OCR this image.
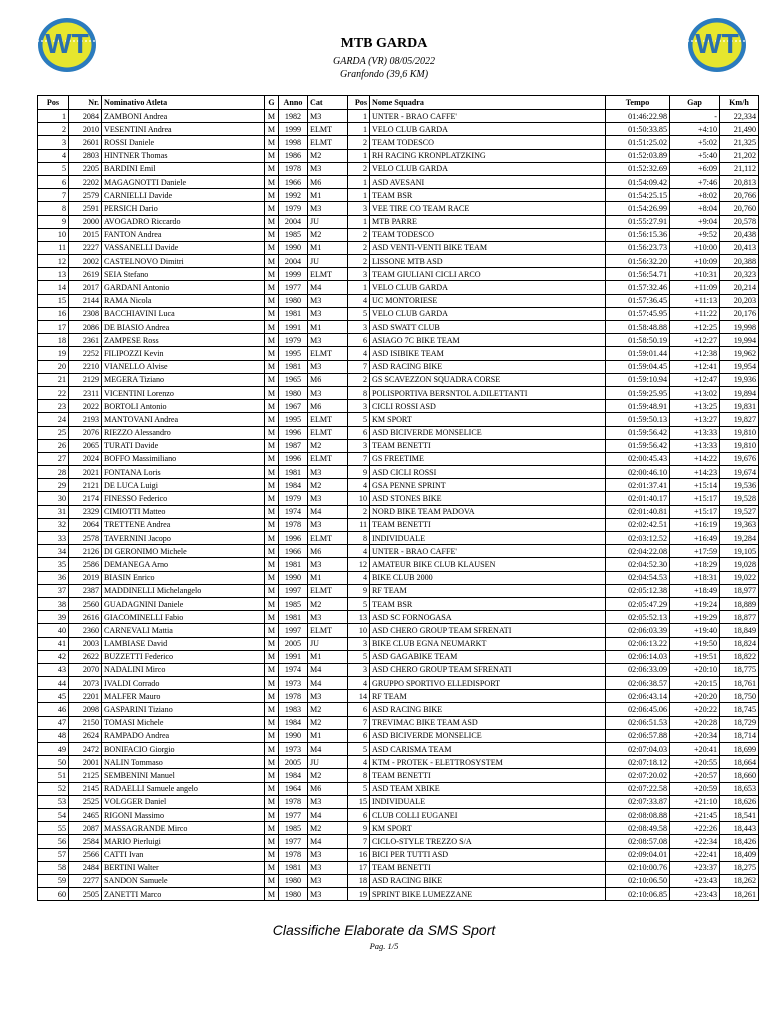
WT	WT
MTB GARDA
GARDA (VR) 08/05/2022
Granfondo (39,6 KM)
Pos	Nr.	Nominativo Atleta	G	Anno	Cat	Pos	Nome Squadra	Tempo	Gap	Km/h
1	2084	ZAMBONI Andrea	M	1982	M3	1	UNTER - BRAO CAFFE'	01:46:22.98	-	22,334
2	2010	VESENTINI Andrea	M	1999	ELMT	1	VELO CLUB GARDA	01:50:33.85	+4:10	21,490
3	2601	ROSSI Daniele	M	1998	ELMT	2	TEAM TODESCO	01:51:25.02	+5:02	21,325
4	2803	HINTNER Thomas	M	1986	M2	1	RH RACING KRONPLATZKING	01:52:03.89	+5:40	21,202
5	2205	BARDINI Emil	M	1978	M3	2	VELO CLUB GARDA	01:52:32.69	+6:09	21,112
6	2202	MAGAGNOTTI Daniele	M	1966	M6	1	ASD AVESANI	01:54:09.42	+7:46	20,813
7	2579	CARNIELLI Davide	M	1992	M1	1	TEAM BSR	01:54:25.15	+8:02	20,766
8	2591	PERSICH Dario	M	1979	M3	3	VEE TIRE CO TEAM RACE	01:54:26.99	+8:04	20,760
9	2000	AVOGADRO Riccardo	M	2004	JU	1	MTB PARRE	01:55:27.91	+9:04	20,578
10	2015	FANTON Andrea	M	1985	M2	2	TEAM TODESCO	01:56:15.36	+9:52	20,438
11	2227	VASSANELLI Davide	M	1990	M1	2	ASD VENTI-VENTI BIKE TEAM	01:56:23.73	+10:00	20,413
12	2002	CASTELNOVO Dimitri	M	2004	JU	2	LISSONE MTB ASD	01:56:32.20	+10:09	20,388
13	2619	SEIA Stefano	M	1999	ELMT	3	TEAM GIULIANI CICLI ARCO	01:56:54.71	+10:31	20,323
14	2017	GARDANI Antonio	M	1977	M4	1	VELO CLUB GARDA	01:57:32.46	+11:09	20,214
15	2144	RAMA Nicola	M	1980	M3	4	UC MONTORIESE	01:57:36.45	+11:13	20,203
16	2308	BACCHIAVINI Luca	M	1981	M3	5	VELO CLUB GARDA	01:57:45.95	+11:22	20,176
17	2086	DE BIASIO Andrea	M	1991	M1	3	ASD SWATT CLUB	01:58:48.88	+12:25	19,998
18	2361	ZAMPESE Ross	M	1979	M3	6	ASIAGO 7C BIKE TEAM	01:58:50.19	+12:27	19,994
19	2252	FILIPOZZI Kevin	M	1995	ELMT	4	ASD ISIBIKE TEAM	01:59:01.44	+12:38	19,962
20	2210	VIANELLO Alvise	M	1981	M3	7	ASD RACING BIKE	01:59:04.45	+12:41	19,954
21	2129	MEGERA Tiziano	M	1965	M6	2	GS SCAVEZZON SQUADRA CORSE	01:59:10.94	+12:47	19,936
22	2311	VICENTINI Lorenzo	M	1980	M3	8	POLISPORTIVA BERSNTOL A.DILETTANTI	01:59:25.95	+13:02	19,894
23	2022	BORTOLI Antonio	M	1967	M6	3	CICLI ROSSI ASD	01:59:48.91	+13:25	19,831
24	2193	MANTOVANI Andrea	M	1995	ELMT	5	KM SPORT	01:59:50.13	+13:27	19,827
25	2076	RIEZZO Alessandro	M	1996	ELMT	6	ASD BICIVERDE MONSELICE	01:59:56.42	+13:33	19,810
26	2065	TURATI Davide	M	1987	M2	3	TEAM BENETTI	01:59:56.42	+13:33	19,810
27	2024	BOFFO Massimiliano	M	1996	ELMT	7	GS FREETIME	02:00:45.43	+14:22	19,676
28	2021	FONTANA Loris	M	1981	M3	9	ASD CICLI ROSSI	02:00:46.10	+14:23	19,674
29	2121	DE LUCA Luigi	M	1984	M2	4	GSA PENNE SPRINT	02:01:37.41	+15:14	19,536
30	2174	FINESSO Federico	M	1979	M3	10	ASD STONES BIKE	02:01:40.17	+15:17	19,528
31	2329	CIMIOTTI Matteo	M	1974	M4	2	NORD BIKE TEAM PADOVA	02:01:40.81	+15:17	19,527
32	2064	TRETTENE Andrea	M	1978	M3	11	TEAM BENETTI	02:02:42.51	+16:19	19,363
33	2578	TAVERNINI Jacopo	M	1996	ELMT	8	INDIVIDUALE	02:03:12.52	+16:49	19,284
34	2126	DI GERONIMO Michele	M	1966	M6	4	UNTER - BRAO CAFFE'	02:04:22.08	+17:59	19,105
35	2586	DEMANEGA Arno	M	1981	M3	12	AMATEUR BIKE CLUB KLAUSEN	02:04:52.30	+18:29	19,028
36	2019	BIASIN Enrico	M	1990	M1	4	BIKE CLUB 2000	02:04:54.53	+18:31	19,022
37	2387	MADDINELLI Michelangelo	M	1997	ELMT	9	RF TEAM	02:05:12.38	+18:49	18,977
38	2560	GUADAGNINI Daniele	M	1985	M2	5	TEAM BSR	02:05:47.29	+19:24	18,889
39	2616	GIACOMINELLI Fabio	M	1981	M3	13	ASD SC FORNOGASA	02:05:52.13	+19:29	18,877
40	2360	CARNEVALI Mattia	M	1997	ELMT	10	ASD CHERO GROUP TEAM SFRENATI	02:06:03.39	+19:40	18,849
41	2003	LAMBIASE David	M	2005	JU	3	BIKE CLUB EGNA NEUMARKT	02:06:13.22	+19:50	18,824
42	2622	BUZZETTI Federico	M	1991	M1	5	ASD GAGABIKE TEAM	02:06:14.03	+19:51	18,822
43	2070	NADALINI Mirco	M	1974	M4	3	ASD CHERO GROUP TEAM SFRENATI	02:06:33.09	+20:10	18,775
44	2073	IVALDI Corrado	M	1973	M4	4	GRUPPO SPORTIVO ELLEDISPORT	02:06:38.57	+20:15	18,761
45	2201	MALFER Mauro	M	1978	M3	14	RF TEAM	02:06:43.14	+20:20	18,750
46	2098	GASPARINI Tiziano	M	1983	M2	6	ASD RACING BIKE	02:06:45.06	+20:22	18,745
47	2150	TOMASI Michele	M	1984	M2	7	TREVIMAC BIKE TEAM ASD	02:06:51.53	+20:28	18,729
48	2624	RAMPADO Andrea	M	1990	M1	6	ASD BICIVERDE MONSELICE	02:06:57.88	+20:34	18,714
49	2472	BONIFACIO Giorgio	M	1973	M4	5	ASD CARISMA TEAM	02:07:04.03	+20:41	18,699
50	2001	NALIN Tommaso	M	2005	JU	4	KTM - PROTEK - ELETTROSYSTEM	02:07:18.12	+20:55	18,664
51	2125	SEMBENINI Manuel	M	1984	M2	8	TEAM BENETTI	02:07:20.02	+20:57	18,660
52	2145	RADAELLI Samuele angelo	M	1964	M6	5	ASD TEAM XBIKE	02:07:22.58	+20:59	18,653
53	2525	VOLGGER Daniel	M	1978	M3	15	INDIVIDUALE	02:07:33.87	+21:10	18,626
54	2465	RIGONI Massimo	M	1977	M4	6	CLUB COLLI EUGANEI	02:08:08.88	+21:45	18,541
55	2087	MASSAGRANDE Mirco	M	1985	M2	9	KM SPORT	02:08:49.58	+22:26	18,443
56	2584	MARIO Pierluigi	M	1977	M4	7	CICLO-STYLE TREZZO S/A	02:08:57.08	+22:34	18,426
57	2566	CATTI Ivan	M	1978	M3	16	BICI PER TUTTI ASD	02:09:04.01	+22:41	18,409
58	2484	BERTINI Walter	M	1981	M3	17	TEAM BENETTI	02:10:00.76	+23:37	18,275
59	2277	SANDON Samuele	M	1980	M3	18	ASD RACING BIKE	02:10:06.50	+23:43	18,262
60	2505	ZANETTI Marco	M	1980	M3	19	SPRINT BIKE LUMEZZANE	02:10:06.85	+23:43	18,261
Classifiche Elaborate da SMS Sport
Pag. 1/5
